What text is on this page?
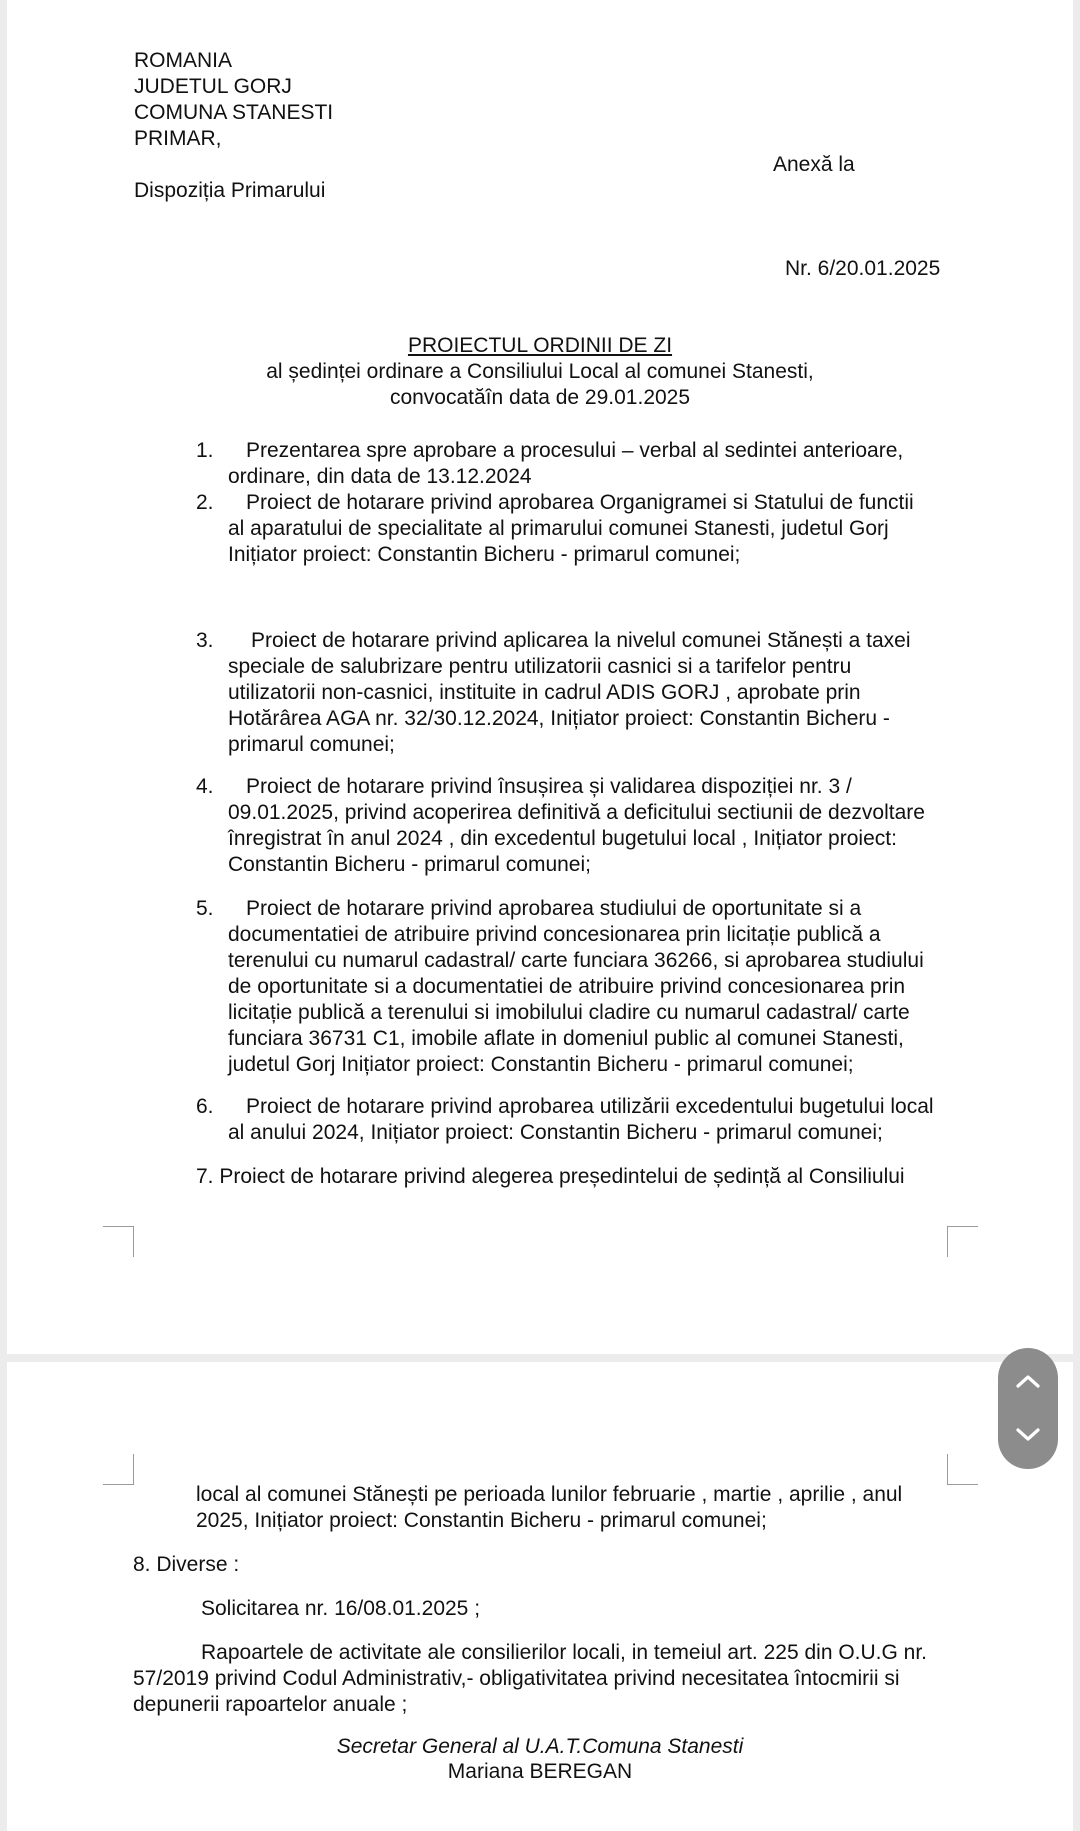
ROMANIA
JUDETUL GORJ
COMUNA STANESTI
PRIMAR,
Anexă la
Dispoziția Primarului
Nr. 6/20.01.2025
PROIECTUL ORDINII DE ZI
al ședinței ordinare a Consiliului Local al comunei Stanesti,
convocatăîn data de 29.01.2025
1. Prezentarea spre aprobare a procesului – verbal al sedintei anterioare,
ordinare, din data de 13.12.2024
2. Proiect de hotarare privind aprobarea Organigramei si Statului de functii
al aparatului de specialitate al primarului comunei Stanesti, judetul Gorj
Inițiator proiect: Constantin Bicheru - primarul comunei;
3. Proiect de hotarare privind aplicarea la nivelul comunei Stănești a taxei
speciale de salubrizare pentru utilizatorii casnici si a tarifelor pentru
utilizatorii non-casnici, instituite in cadrul ADIS GORJ , aprobate prin
Hotărârea AGA nr. 32/30.12.2024, Inițiator proiect: Constantin Bicheru -
primarul comunei;
4. Proiect de hotarare privind însușirea și validarea dispoziției nr. 3 /
09.01.2025, privind acoperirea definitivă a deficitului sectiunii de dezvoltare
înregistrat în anul 2024 , din excedentul bugetului local , Inițiator proiect:
Constantin Bicheru - primarul comunei;
5. Proiect de hotarare privind aprobarea studiului de oportunitate si a
documentatiei de atribuire privind concesionarea prin licitație publică a
terenului cu numarul cadastral/ carte funciara 36266, si aprobarea studiului
de oportunitate si a documentatiei de atribuire privind concesionarea prin
licitație publică a terenului si imobilului cladire cu numarul cadastral/ carte
funciara 36731 C1, imobile aflate in domeniul public al comunei Stanesti,
judetul Gorj Inițiator proiect: Constantin Bicheru - primarul comunei;
6. Proiect de hotarare privind aprobarea utilizării excedentului bugetului local
al anului 2024, Inițiator proiect: Constantin Bicheru - primarul comunei;
7. Proiect de hotarare privind alegerea președintelui de ședință al Consiliului
local al comunei Stănești pe perioada lunilor februarie , martie , aprilie , anul
2025, Inițiator proiect: Constantin Bicheru - primarul comunei;
8. Diverse :
Solicitarea nr. 16/08.01.2025 ;
Rapoartele de activitate ale consilierilor locali, in temeiul art. 225 din O.U.G nr.
57/2019 privind Codul Administrativ,- obligativitatea privind necesitatea întocmirii si
depunerii rapoartelor anuale ;
Secretar General al U.A.T.Comuna Stanesti
Mariana BEREGAN
